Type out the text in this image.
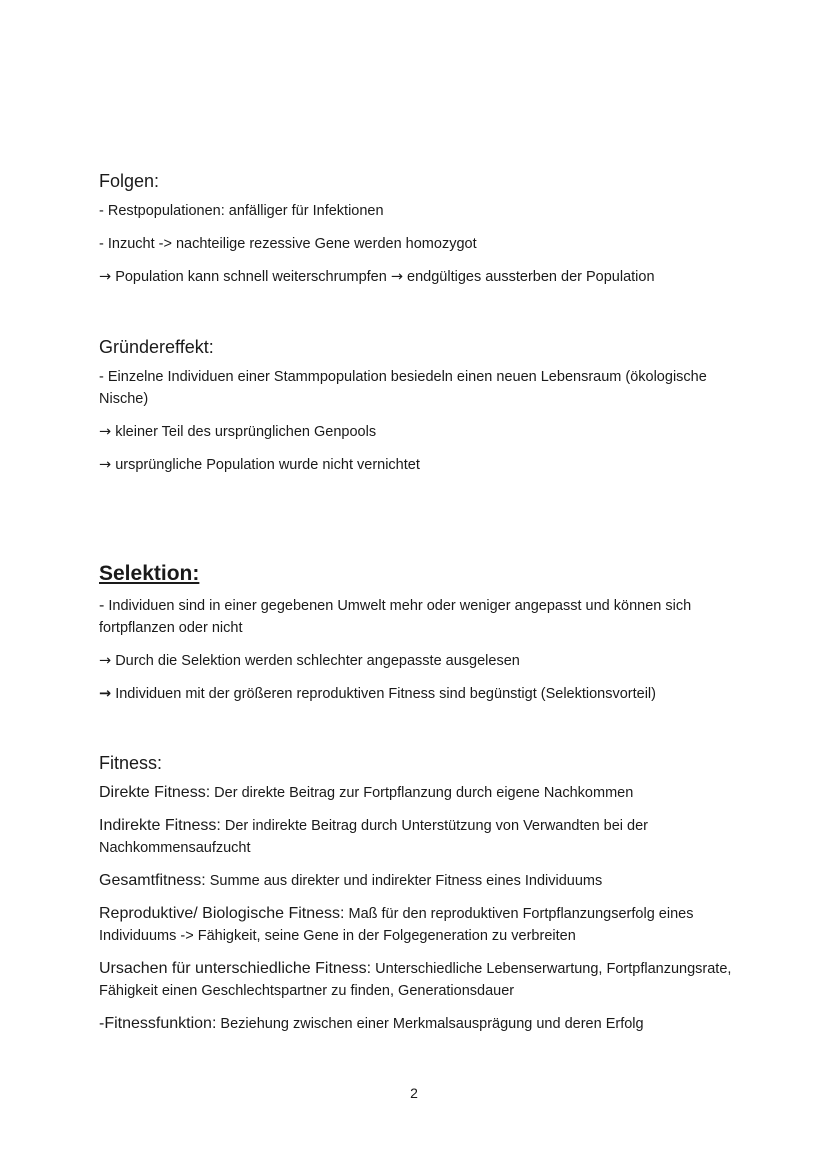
Folgen:
- Restpopulationen: anfälliger für Infektionen
- Inzucht -> nachteilige rezessive Gene werden homozygot
→ Population kann schnell weiterschrumpfen → endgültiges aussterben der Population
Gründereffekt:
- Einzelne Individuen einer Stammpopulation besiedeln einen neuen Lebensraum (ökologische Nische)
→ kleiner Teil des ursprünglichen Genpools
→ ursprüngliche Population wurde nicht vernichtet
Selektion:
- Individuen sind in einer gegebenen Umwelt mehr oder weniger angepasst und können sich fortpflanzen oder nicht
→ Durch die Selektion werden schlechter angepasste ausgelesen
→ Individuen mit der größeren reproduktiven Fitness sind begünstigt (Selektionsvorteil)
Fitness:
Direkte Fitness: Der direkte Beitrag zur Fortpflanzung durch eigene Nachkommen
Indirekte Fitness: Der indirekte Beitrag durch Unterstützung von Verwandten bei der Nachkommensaufzucht
Gesamtfitness: Summe aus direkter und indirekter Fitness eines Individuums
Reproduktive/ Biologische Fitness: Maß für den reproduktiven Fortpflanzungserfolg eines Individuums -> Fähigkeit, seine Gene in der Folgegeneration zu verbreiten
Ursachen für unterschiedliche Fitness: Unterschiedliche Lebenserwartung, Fortpflanzungsrate, Fähigkeit einen Geschlechtspartner zu finden, Generationsdauer
-Fitnessfunktion: Beziehung zwischen einer Merkmalsausprägung und deren Erfolg
2
